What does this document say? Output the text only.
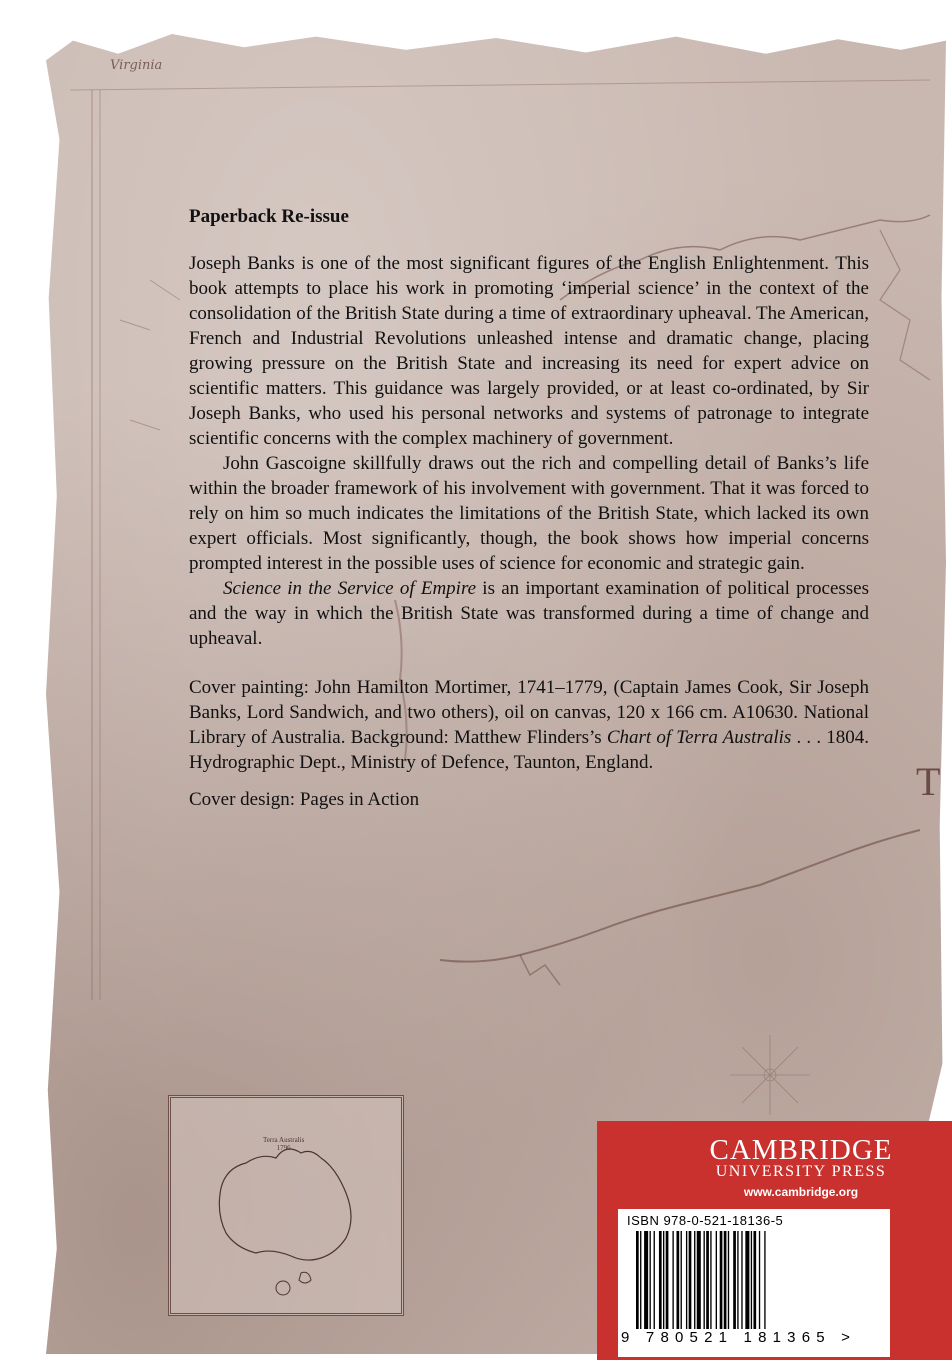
Virginia
T
Terra Australis
1796
Paperback Re-issue

Joseph Banks is one of the most significant figures of the English Enlightenment. This book attempts to place his work in promoting ‘imperial science’ in the context of the consolidation of the British State during a time of extraordinary upheaval. The American, French and Industrial Revolutions unleashed intense and dramatic change, placing growing pressure on the British State and increasing its need for expert advice on scientific matters. This guidance was largely provided, or at least co-ordinated, by Sir Joseph Banks, who used his personal networks and systems of patronage to integrate scientific concerns with the complex machinery of government.

John Gascoigne skillfully draws out the rich and compelling detail of Banks’s life within the broader framework of his involvement with government. That it was forced to rely on him so much indicates the limitations of the British State, which lacked its own expert officials. Most significantly, though, the book shows how imperial concerns prompted interest in the possible uses of science for economic and strategic gain.

Science in the Service of Empire is an important examination of political processes and the way in which the British State was transformed during a time of change and upheaval.

Cover painting: John Hamilton Mortimer, 1741–1779, (Captain James Cook, Sir Joseph Banks, Lord Sandwich, and two others), oil on canvas, 120 x 166 cm. A10630. National Library of Australia. Background: Matthew Flinders’s Chart of Terra Australis . . . 1804. Hydrographic Dept., Ministry of Defence, Taunton, England.

Cover design: Pages in Action

CAMBRIDGE
UNIVERSITY PRESS
www.cambridge.org
ISBN 978-0-521-18136-5
9 780521 181365 >
